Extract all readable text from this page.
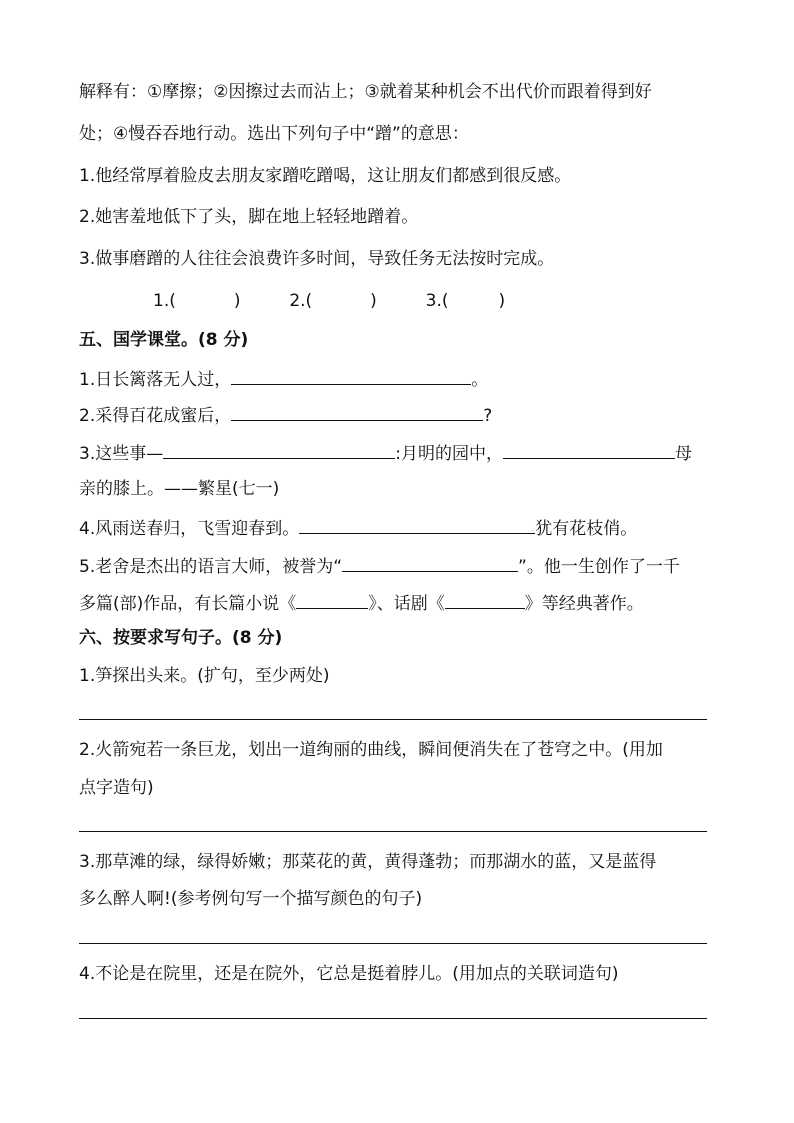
解释有：①摩擦；②因擦过去而沾上；③就着某种机会不出代价而跟着得到好
处；④慢吞吞地行动。选出下列句子中“蹭”的意思：
1.他经常厚着脸皮去朋友家蹭吃蹭喝，这让朋友们都感到很反感。
2.她害羞地低下了头，脚在地上轻轻地蹭着。
3.做事磨蹭的人往往会浪费许多时间，导致任务无法按时完成。
1.(	)	2.(	)	3.(	)
五、国学课堂。(8 分)
1.日长篱落无人过，	。
2.采得百花成蜜后，	?
3.这些事—	:月明的园中，	母
亲的膝上。——繁星(七一)
4.风雨送春归，飞雪迎春到。	犹有花枝俏。
5.老舍是杰出的语言大师，被誉为“	”。他一生创作了一千
多篇(部)作品，有长篇小说《	》、话剧《	》等经典著作。
六、按要求写句子。(8 分)
1.笋探出头来。(扩句，至少两处)
2.火箭宛若一条巨龙，划出一道绚丽的曲线，瞬间便消失在了苍穹之中。(用加
点字造句)
3.那草滩的绿，绿得娇嫩；那菜花的黄，黄得蓬勃；而那湖水的蓝，又是蓝得
多么醉人啊!(参考例句写一个描写颜色的句子)
4.不论是在院里，还是在院外，它总是挺着脖儿。(用加点的关联词造句)
